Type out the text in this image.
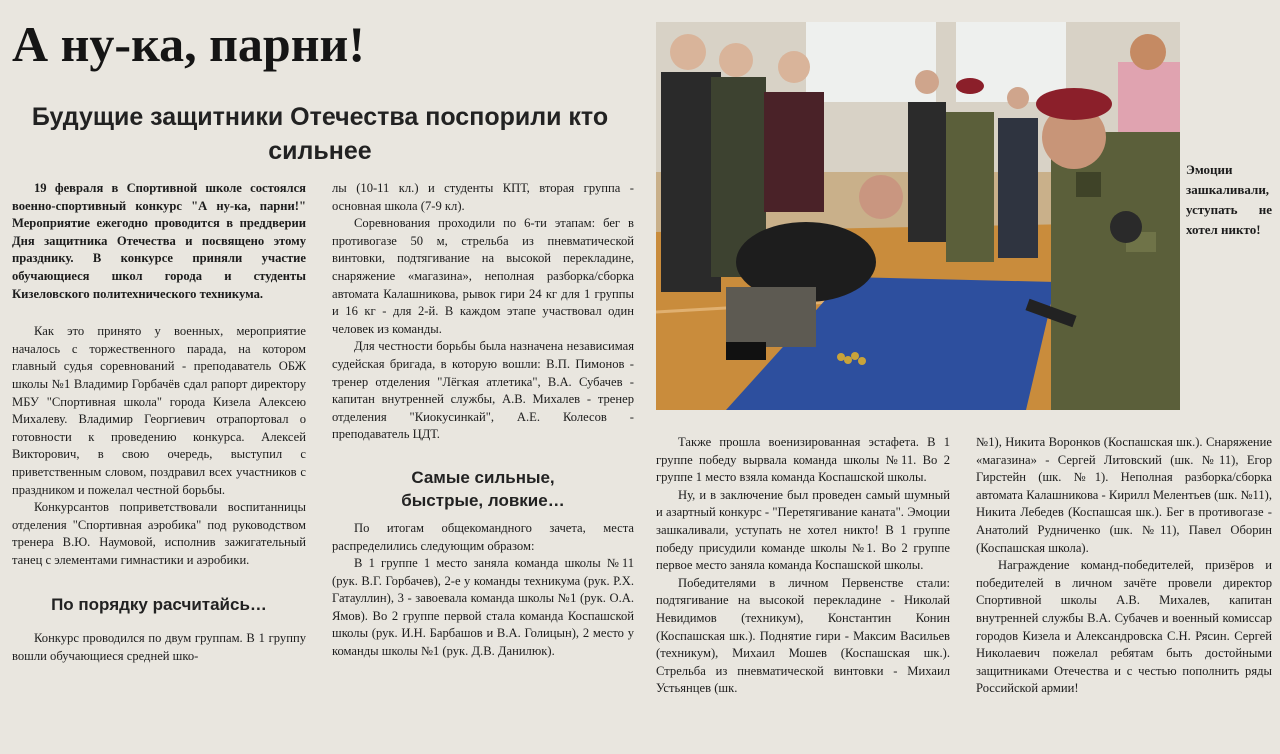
А ну-ка, парни!
Будущие защитники Отечества поспорили кто сильнее

19 февраля в Спортивной школе состоялся военно-спортивный конкурс "А ну-ка, парни!" Мероприятие ежегодно проводится в преддверии Дня защитника Отечества и посвящено этому празднику. В конкурсе приняли участие обучающиеся школ города и студенты Кизеловского политехнического техникума.

Как это принято у военных, мероприятие началось с торжественного парада, на котором главный судья соревнований - преподаватель ОБЖ школы №1 Владимир Горбачёв сдал рапорт директору МБУ "Спортивная школа" города Кизела Алексею Михалеву. Владимир Георгиевич отрапортовал о готовности к проведению конкурса. Алексей Викторович, в свою очередь, выступил с приветственным словом, поздравил всех участников с праздником и пожелал честной борьбы.

Конкурсантов поприветствовали воспитанницы отделения "Спортивная аэробика" под руководством тренера В.Ю. Наумовой, исполнив зажигательный танец с элементами гимнастики и аэробики.

По порядку расчитайсь…

Конкурс проводился по двум группам. В 1 группу вошли обучающиеся средней шко-

лы (10-11 кл.) и студенты КПТ, вторая группа - основная школа (7-9 кл).

Соревнования проходили по 6-ти этапам: бег в противогазе 50 м, стрельба из пневматической винтовки, подтягивание на высокой перекладине, снаряжение «магазина», неполная разборка/сборка автомата Калашникова, рывок гири 24 кг для 1 группы и 16 кг - для 2-й. В каждом этапе участвовал один человек из команды.

Для честности борьбы была назначена независимая судейская бригада, в которую вошли: В.П. Пимонов - тренер отделения "Лёгкая атлетика", В.А. Субачев - капитан внутренней службы, А.В. Михалев - тренер отделения "Киокусинкай", А.Е. Колесов - преподаватель ЦДТ.

Самые сильные, быстрые, ловкие…

По итогам общекомандного зачета, места распределились следующим образом:

В 1 группе 1 место заняла команда школы №11 (рук. В.Г. Горбачев), 2-е у команды техникума (рук. Р.Х. Гатауллин), 3 - завоевала команда школы №1 (рук. О.А. Ямов). Во 2 группе первой стала команда Коспашской школы (рук. И.Н. Барбашов и В.А. Голицын), 2 место у команды школы №1 (рук. Д.В. Данилюк).

Эмоции зашкаливали, уступать не хотел никто!

Также прошла военизированная эстафета. В 1 группе победу вырвала команда школы №11. Во 2 группе 1 место взяла команда Коспашской школы.

Ну, и в заключение был проведен самый шумный и азартный конкурс - "Перетягивание каната". Эмоции зашкаливали, уступать не хотел никто! В 1 группе победу присудили команде школы №1. Во 2 группе первое место заняла команда Коспашской школы.

Победителями в личном Первенстве стали: подтягивание на высокой перекладине - Николай Невидимов (техникум), Константин Конин (Коспашская шк.). Поднятие гири - Максим Васильев (техникум), Михаил Мошев (Коспашская шк.). Стрельба из пневматической винтовки - Михаил Устьянцев (шк.

№1), Никита Воронков (Коспашская шк.). Снаряжение «магазина» - Сергей Литовский (шк. №11), Егор Гирстейн (шк. №1). Неполная разборка/сборка автомата Калашникова - Кирилл Мелентьев (шк. №11), Никита Лебедев (Коспашсая шк.). Бег в противогазе - Анатолий Рудниченко (шк. №11), Павел Оборин (Коспашская школа).

Награждение команд-победителей, призёров и победителей в личном зачёте провели директор Спортивной школы А.В. Михалев, капитан внутренней службы В.А. Субачев и военный комиссар городов Кизела и Александровска С.Н. Рясин. Сергей Николаевич пожелал ребятам быть достойными защитниками Отечества и с честью пополнить ряды Российской армии!
